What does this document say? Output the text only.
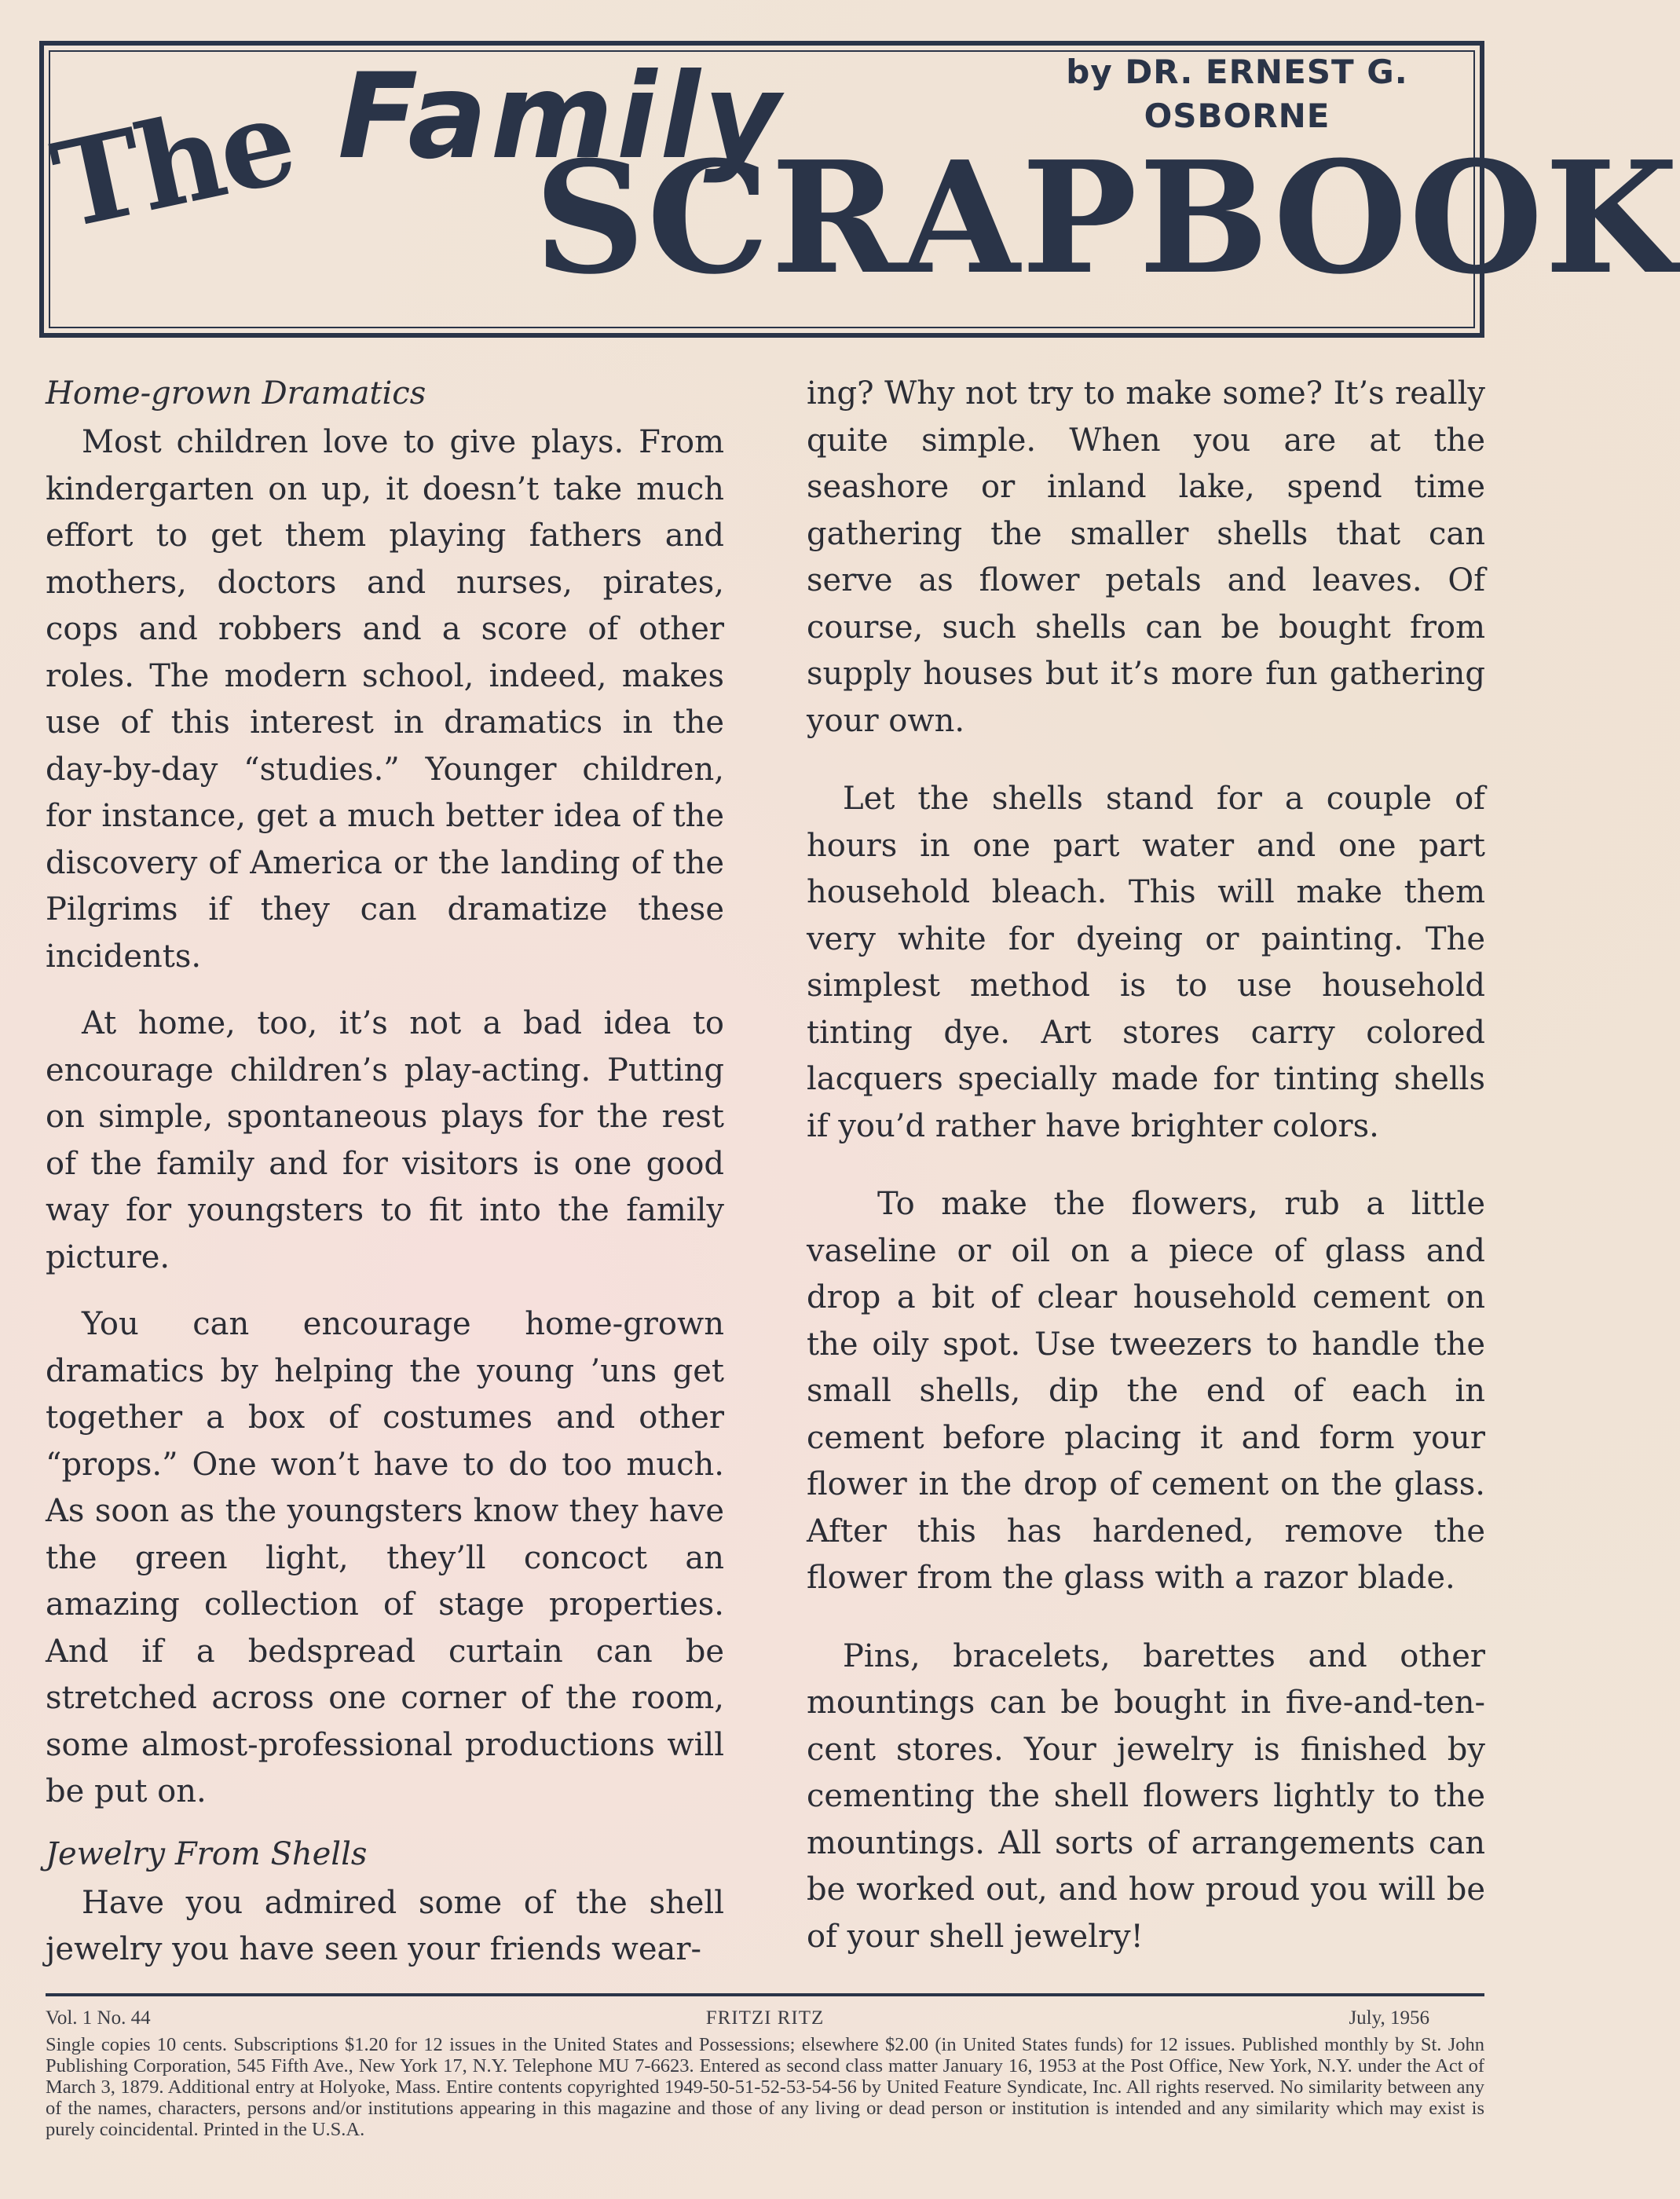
The Family
SCRAPBOOK
by DR. ERNEST G.
OSBORNE
Home-grown Dramatics

Most children love to give plays. From kindergarten on up, it doesn’t take much effort to get them playing fathers and mothers, doctors and nurses, pirates, cops and robbers and a score of other roles. The modern school, indeed, makes use of this interest in dramatics in the day-by-day “studies.” Younger children, for instance, get a much better idea of the discovery of America or the landing of the Pilgrims if they can dramatize these incidents.

At home, too, it’s not a bad idea to encourage children’s play-acting. Putting on simple, spontaneous plays for the rest of the family and for visitors is one good way for youngsters to fit into the family picture.

You can encourage home-grown dramatics by helping the young ’uns get together a box of costumes and other “props.” One won’t have to do too much. As soon as the youngsters know they have the green light, they’ll concoct an amazing collection of stage properties. And if a bedspread curtain can be stretched across one corner of the room, some almost-professional productions will be put on.

Jewelry From Shells

Have you admired some of the shell jewelry you have seen your friends wear-

ing? Why not try to make some? It’s really quite simple. When you are at the seashore or inland lake, spend time gathering the smaller shells that can serve as flower petals and leaves. Of course, such shells can be bought from supply houses but it’s more fun gathering your own.

Let the shells stand for a couple of hours in one part water and one part household bleach. This will make them very white for dyeing or painting. The simplest method is to use household tinting dye. Art stores carry colored lacquers specially made for tinting shells if you’d rather have brighter colors.

To make the flowers, rub a little vaseline or oil on a piece of glass and drop a bit of clear household cement on the oily spot. Use tweezers to handle the small shells, dip the end of each in cement before placing it and form your flower in the drop of cement on the glass. After this has hardened, remove the flower from the glass with a razor blade.

Pins, bracelets, barettes and other mountings can be bought in five-and-ten-cent stores. Your jewelry is finished by cementing the shell flowers lightly to the mountings. All sorts of arrangements can be worked out, and how proud you will be of your shell jewelry!

Vol. 1 No. 44	FRITZI RITZ	July, 1956
Single copies 10 cents. Subscriptions $1.20 for 12 issues in the United States and Possessions; elsewhere $2.00 (in United States funds) for 12 issues. Published monthly by St. John Publishing Corporation, 545 Fifth Ave., New York 17, N.Y. Telephone MU 7-6623. Entered as second class matter January 16, 1953 at the Post Office, New York, N.Y. under the Act of March 3, 1879. Additional entry at Holyoke, Mass. Entire contents copyrighted 1949-50-51-52-53-54-56 by United Feature Syndicate, Inc. All rights reserved. No similarity between any of the names, characters, persons and/or institutions appearing in this magazine and those of any living or dead person or institution is intended and any similarity which may exist is purely coincidental. Printed in the U.S.A.
